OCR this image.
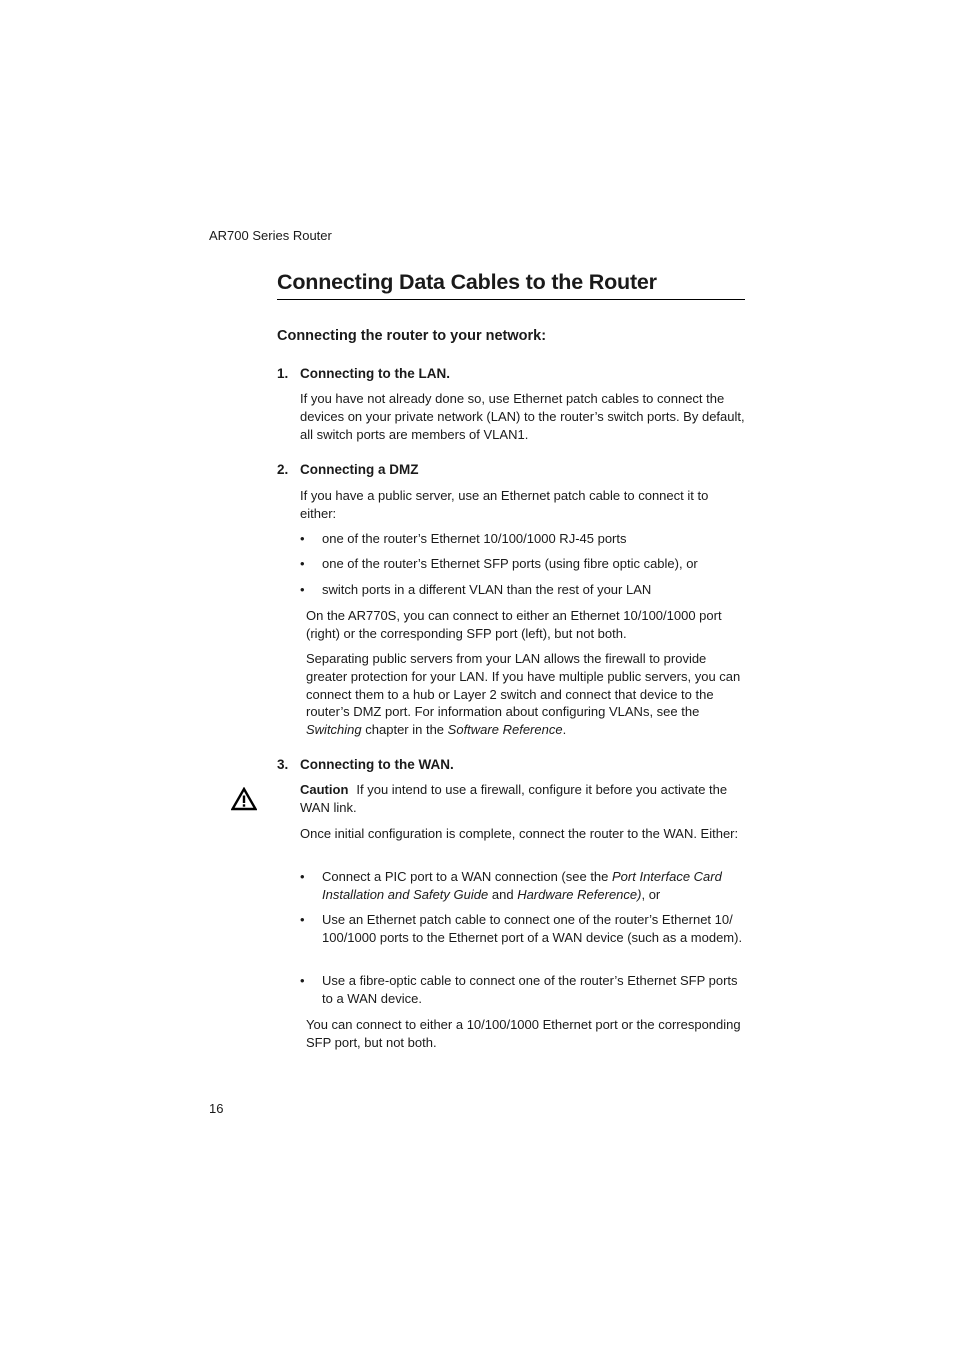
AR700 Series Router
Connecting Data Cables to the Router
Connecting the router to your network:
1. Connecting to the LAN.
If you have not already done so, use Ethernet patch cables to connect the devices on your private network (LAN) to the router’s switch ports. By default, all switch ports are members of VLAN1.
2. Connecting a DMZ
If you have a public server, use an Ethernet patch cable to connect it to either:
• one of the router’s Ethernet 10/100/1000 RJ-45 ports
• one of the router’s Ethernet SFP ports (using fibre optic cable), or
• switch ports in a different VLAN than the rest of your LAN
On the AR770S, you can connect to either an Ethernet 10/100/1000 port (right) or the corresponding SFP port (left), but not both.
Separating public servers from your LAN allows the firewall to provide greater protection for your LAN. If you have multiple public servers, you can connect them to a hub or Layer 2 switch and connect that device to the router’s DMZ port. For information about configuring VLANs, see the Switching chapter in the Software Reference.
3. Connecting to the WAN.
Caution If you intend to use a firewall, configure it before you activate the WAN link.
Once initial configuration is complete, connect the router to the WAN. Either:
• Connect a PIC port to a WAN connection (see the Port Interface Card Installation and Safety Guide and Hardware Reference), or
• Use an Ethernet patch cable to connect one of the router’s Ethernet 10/ 100/1000 ports to the Ethernet port of a WAN device (such as a modem).
• Use a fibre-optic cable to connect one of the router’s Ethernet SFP ports to a WAN device.
You can connect to either a 10/100/1000 Ethernet port or the corresponding SFP port, but not both.
16
